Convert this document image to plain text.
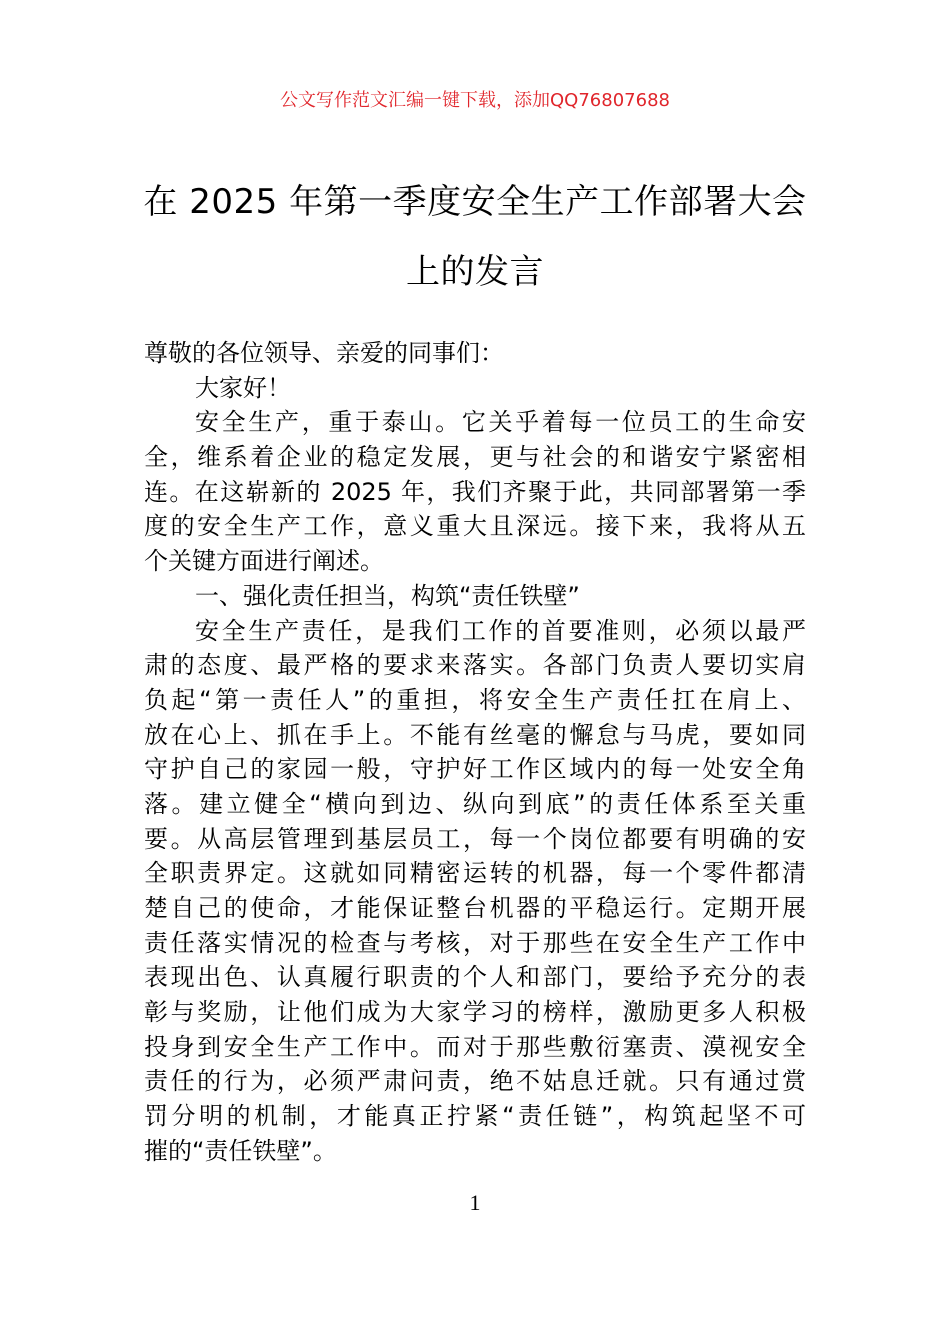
公文写作范文汇编一键下载，添加QQ76807688
在 2025 年第一季度安全生产工作部署大会
上的发言
尊敬的各位领导、亲爱的同事们：
大家好！
安全生产，重于泰山。它关乎着每一位员工的生命安
全，维系着企业的稳定发展，更与社会的和谐安宁紧密相
连。在这崭新的 2025 年，我们齐聚于此，共同部署第一季
度的安全生产工作，意义重大且深远。接下来，我将从五
个关键方面进行阐述。
一、强化责任担当，构筑“责任铁壁”
安全生产责任，是我们工作的首要准则，必须以最严
肃的态度、最严格的要求来落实。各部门负责人要切实肩
负起“第一责任人”的重担，将安全生产责任扛在肩上、
放在心上、抓在手上。不能有丝毫的懈怠与马虎，要如同
守护自己的家园一般，守护好工作区域内的每一处安全角
落。建立健全“横向到边、纵向到底”的责任体系至关重
要。从高层管理到基层员工，每一个岗位都要有明确的安
全职责界定。这就如同精密运转的机器，每一个零件都清
楚自己的使命，才能保证整台机器的平稳运行。定期开展
责任落实情况的检查与考核，对于那些在安全生产工作中
表现出色、认真履行职责的个人和部门，要给予充分的表
彰与奖励，让他们成为大家学习的榜样，激励更多人积极
投身到安全生产工作中。而对于那些敷衍塞责、漠视安全
责任的行为，必须严肃问责，绝不姑息迁就。只有通过赏
罚分明的机制，才能真正拧紧“责任链”，构筑起坚不可
摧的“责任铁壁”。
1
